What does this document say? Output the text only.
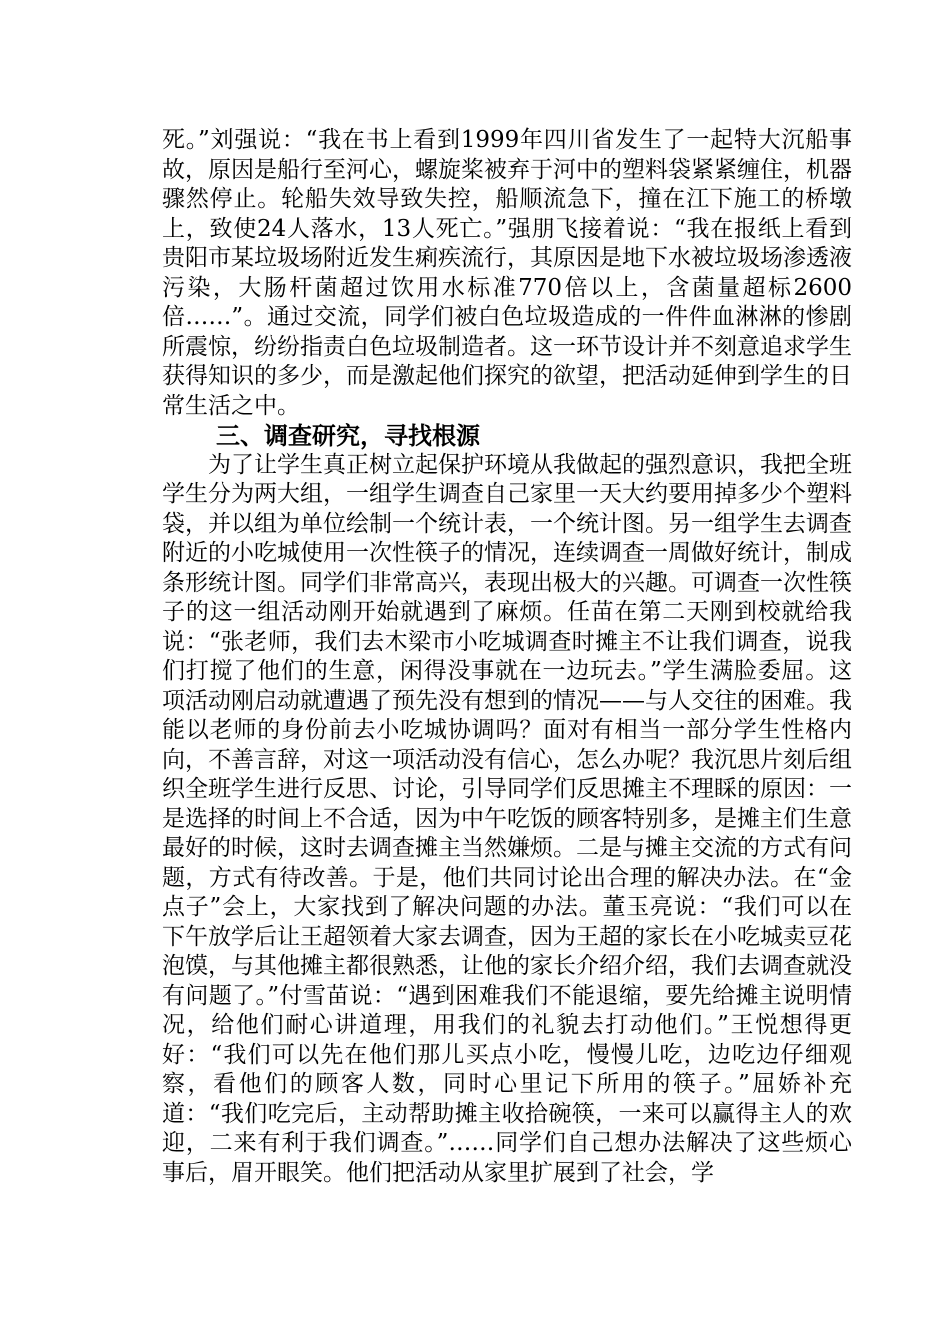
死。”刘强说：“我在书上看到1999年四川省发生了一起特大沉船事故，原因是船行至河心，螺旋桨被弃于河中的塑料袋紧紧缠住，机器骤然停止。轮船失效导致失控，船顺流急下，撞在江下施工的桥墩上，致使24人落水，13人死亡。”强朋飞接着说：“我在报纸上看到贵阳市某垃圾场附近发生痢疾流行，其原因是地下水被垃圾场渗透液污染，大肠杆菌超过饮用水标准770倍以上，含菌量超标2600倍……”。通过交流，同学们被白色垃圾造成的一件件血淋淋的惨剧所震惊，纷纷指责白色垃圾制造者。这一环节设计并不刻意追求学生获得知识的多少，而是激起他们探究的欲望，把活动延伸到学生的日常生活之中。

三、调查研究，寻找根源

为了让学生真正树立起保护环境从我做起的强烈意识，我把全班学生分为两大组，一组学生调查自己家里一天大约要用掉多少个塑料袋，并以组为单位绘制一个统计表，一个统计图。另一组学生去调查附近的小吃城使用一次性筷子的情况，连续调查一周做好统计，制成条形统计图。同学们非常高兴，表现出极大的兴趣。可调查一次性筷子的这一组活动刚开始就遇到了麻烦。任苗在第二天刚到校就给我说：“张老师，我们去木梁市小吃城调查时摊主不让我们调查，说我们打搅了他们的生意，闲得没事就在一边玩去。”学生满脸委屈。这项活动刚启动就遭遇了预先没有想到的情况——与人交往的困难。我能以老师的身份前去小吃城协调吗？面对有相当一部分学生性格内向，不善言辞，对这一项活动没有信心，怎么办呢？我沉思片刻后组织全班学生进行反思、讨论，引导同学们反思摊主不理睬的原因：一是选择的时间上不合适，因为中午吃饭的顾客特别多，是摊主们生意最好的时候，这时去调查摊主当然嫌烦。二是与摊主交流的方式有问题，方式有待改善。于是，他们共同讨论出合理的解决办法。在“金点子”会上，大家找到了解决问题的办法。董玉亮说：“我们可以在下午放学后让王超领着大家去调查，因为王超的家长在小吃城卖豆花泡馍，与其他摊主都很熟悉，让他的家长介绍介绍，我们去调查就没有问题了。”付雪苗说：“遇到困难我们不能退缩，要先给摊主说明情况，给他们耐心讲道理，用我们的礼貌去打动他们。”王悦想得更好：“我们可以先在他们那儿买点小吃，慢慢儿吃，边吃边仔细观察，看他们的顾客人数，同时心里记下所用的筷子。”屈娇补充道：“我们吃完后，主动帮助摊主收拾碗筷，一来可以赢得主人的欢迎，二来有利于我们调查。”……同学们自己想办法解决了这些烦心事后，眉开眼笑。他们把活动从家里扩展到了社会，学
